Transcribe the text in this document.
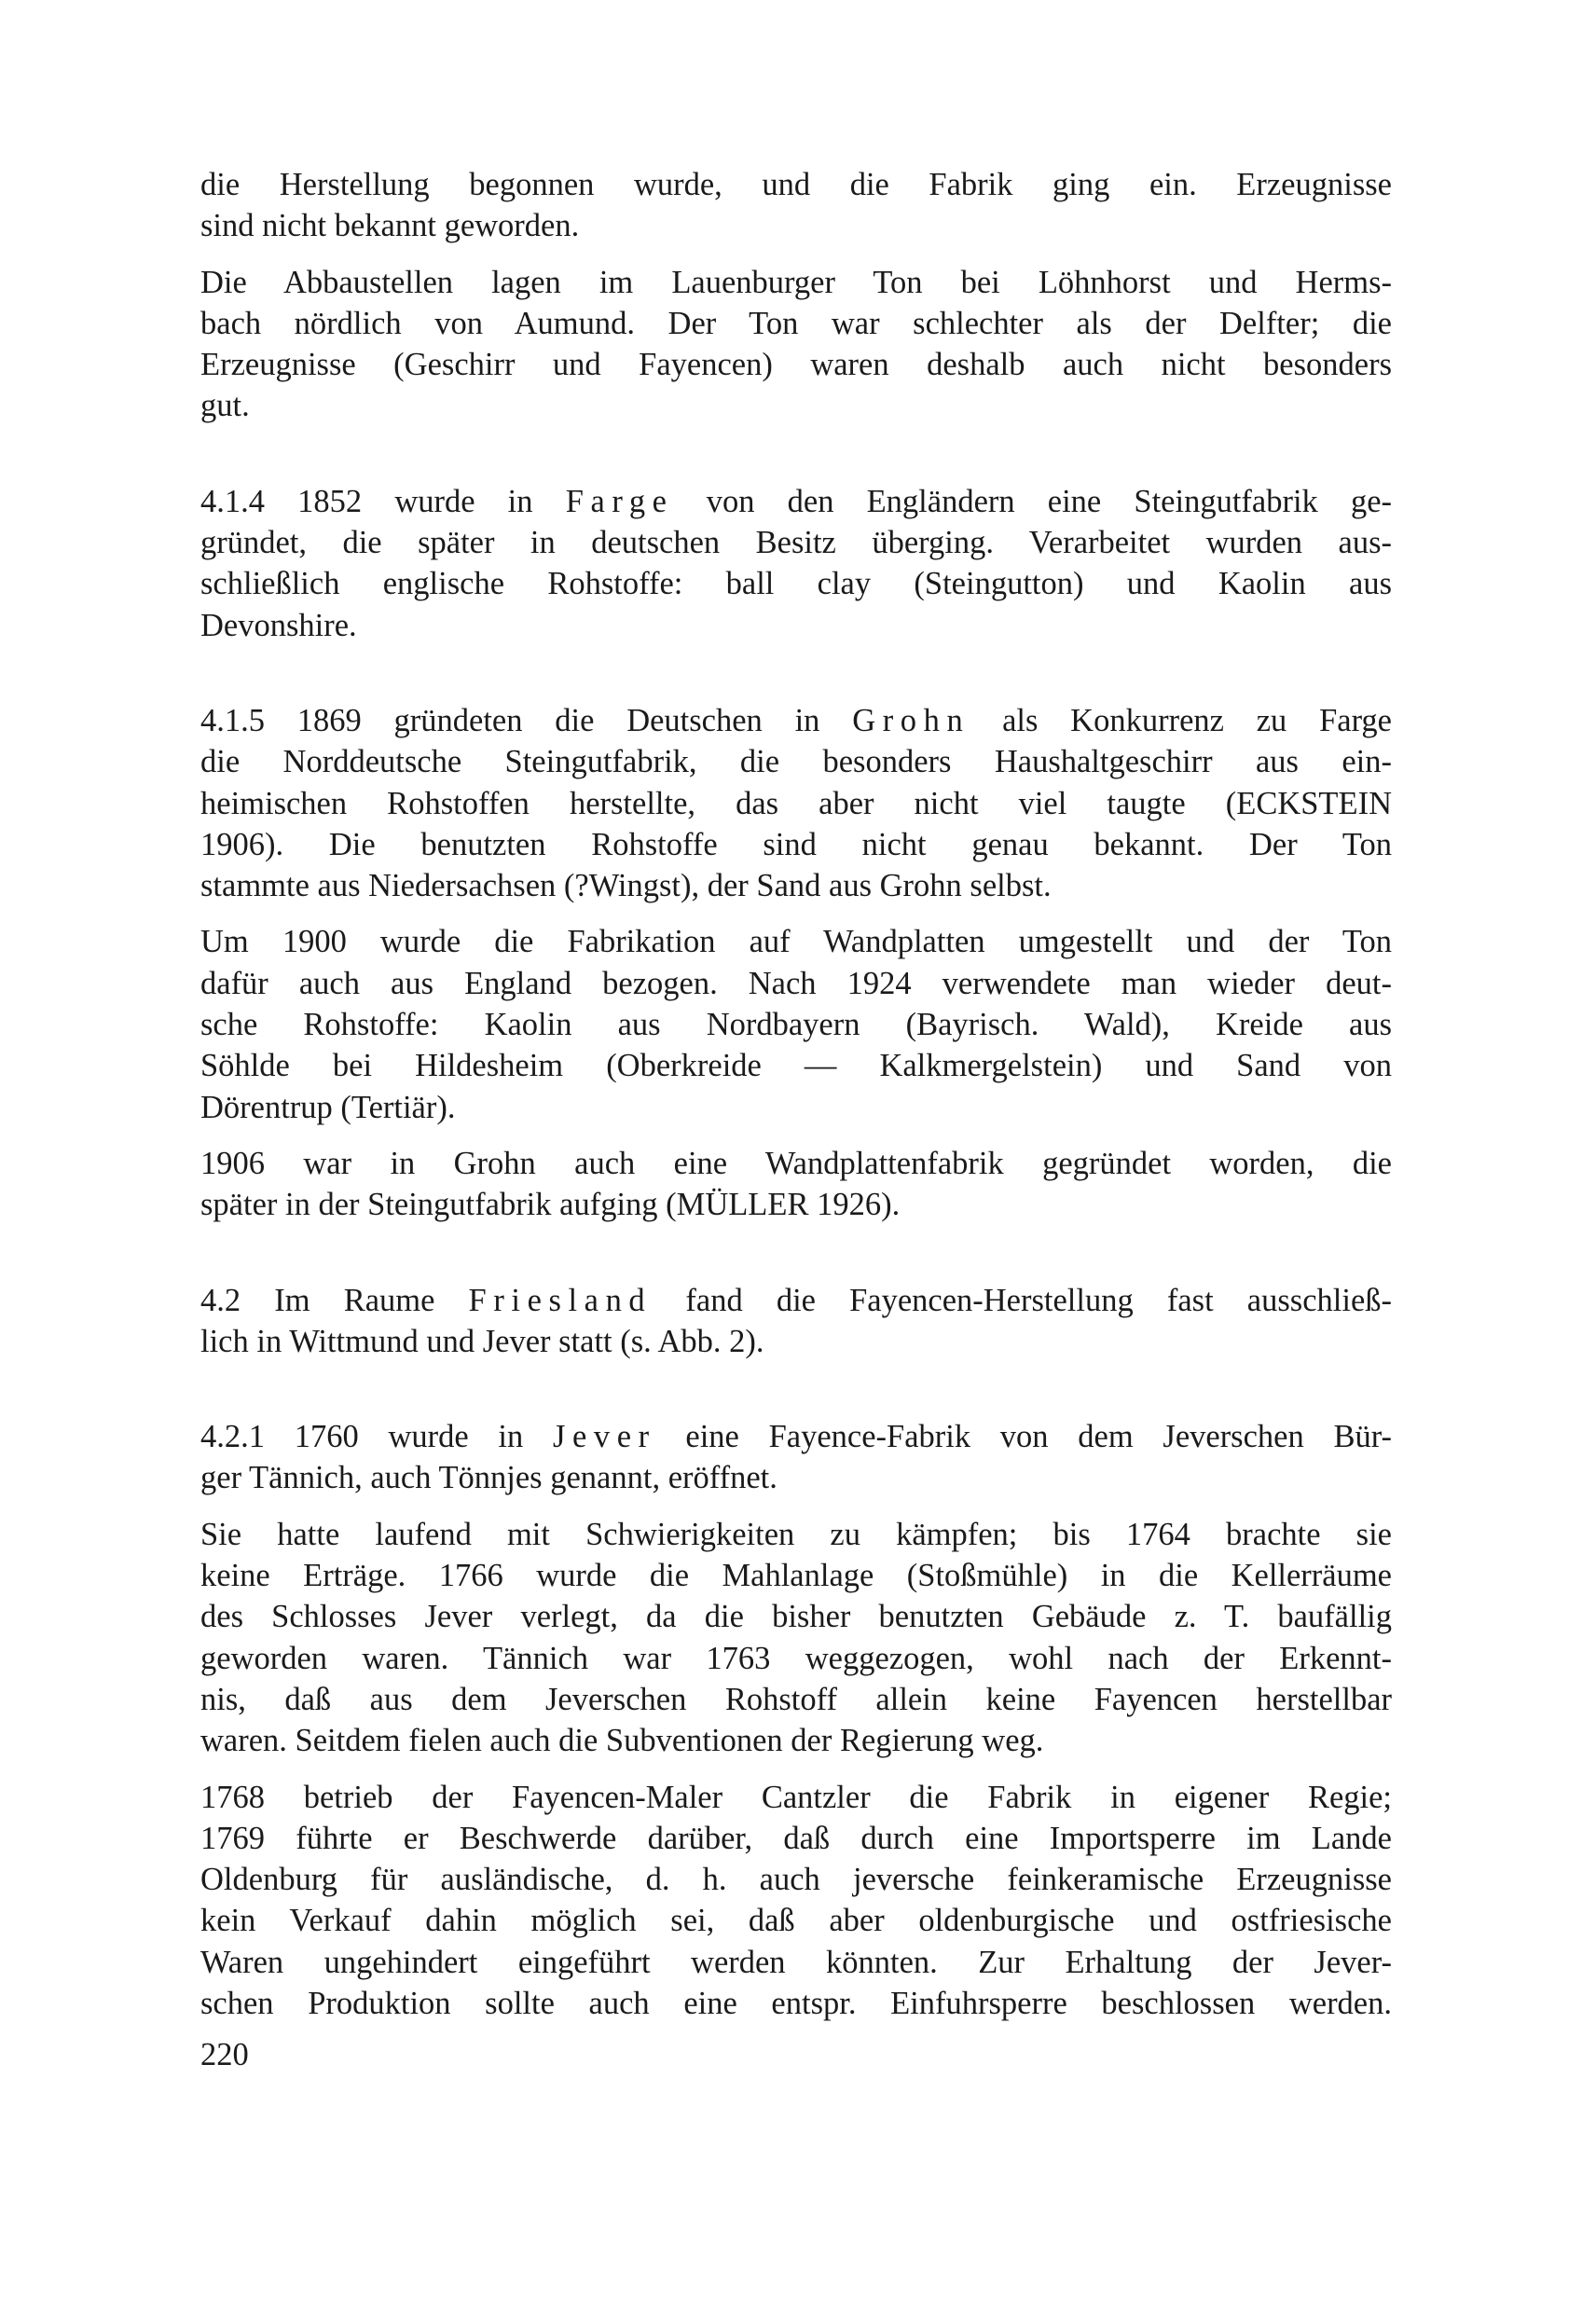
die Herstellung begonnen wurde, und die Fabrik ging ein. Erzeugnisse
sind nicht bekannt geworden.

Die Abbaustellen lagen im Lauenburger Ton bei Löhnhorst und Herms-
bach nördlich von Aumund. Der Ton war schlechter als der Delfter; die
Erzeugnisse (Geschirr und Fayencen) waren deshalb auch nicht besonders
gut.

4.1.4 1852 wurde in Farge von den Engländern eine Steingutfabrik ge-
gründet, die später in deutschen Besitz überging. Verarbeitet wurden aus-
schließlich englische Rohstoffe: ball clay (Steingutton) und Kaolin aus
Devonshire.

4.1.5 1869 gründeten die Deutschen in Grohn als Konkurrenz zu Farge
die Norddeutsche Steingutfabrik, die besonders Haushaltgeschirr aus ein-
heimischen Rohstoffen herstellte, das aber nicht viel taugte (ECKSTEIN
1906). Die benutzten Rohstoffe sind nicht genau bekannt. Der Ton
stammte aus Niedersachsen (?Wingst), der Sand aus Grohn selbst.

Um 1900 wurde die Fabrikation auf Wandplatten umgestellt und der Ton
dafür auch aus England bezogen. Nach 1924 verwendete man wieder deut-
sche Rohstoffe: Kaolin aus Nordbayern (Bayrisch. Wald), Kreide aus
Söhlde bei Hildesheim (Oberkreide — Kalkmergelstein) und Sand von
Dörentrup (Tertiär).

1906 war in Grohn auch eine Wandplattenfabrik gegründet worden, die
später in der Steingutfabrik aufging (MÜLLER 1926).

4.2 Im Raume Friesland fand die Fayencen-Herstellung fast ausschließ-
lich in Wittmund und Jever statt (s. Abb. 2).

4.2.1 1760 wurde in Jever eine Fayence-Fabrik von dem Jeverschen Bür-
ger Tännich, auch Tönnjes genannt, eröffnet.

Sie hatte laufend mit Schwierigkeiten zu kämpfen; bis 1764 brachte sie
keine Erträge. 1766 wurde die Mahlanlage (Stoßmühle) in die Kellerräume
des Schlosses Jever verlegt, da die bisher benutzten Gebäude z. T. baufällig
geworden waren. Tännich war 1763 weggezogen, wohl nach der Erkennt-
nis, daß aus dem Jeverschen Rohstoff allein keine Fayencen herstellbar
waren. Seitdem fielen auch die Subventionen der Regierung weg.

1768 betrieb der Fayencen-Maler Cantzler die Fabrik in eigener Regie;
1769 führte er Beschwerde darüber, daß durch eine Importsperre im Lande
Oldenburg für ausländische, d. h. auch jeversche feinkeramische Erzeugnisse
kein Verkauf dahin möglich sei, daß aber oldenburgische und ostfriesische
Waren ungehindert eingeführt werden könnten. Zur Erhaltung der Jever-
schen Produktion sollte auch eine entspr. Einfuhrsperre beschlossen werden.

220
